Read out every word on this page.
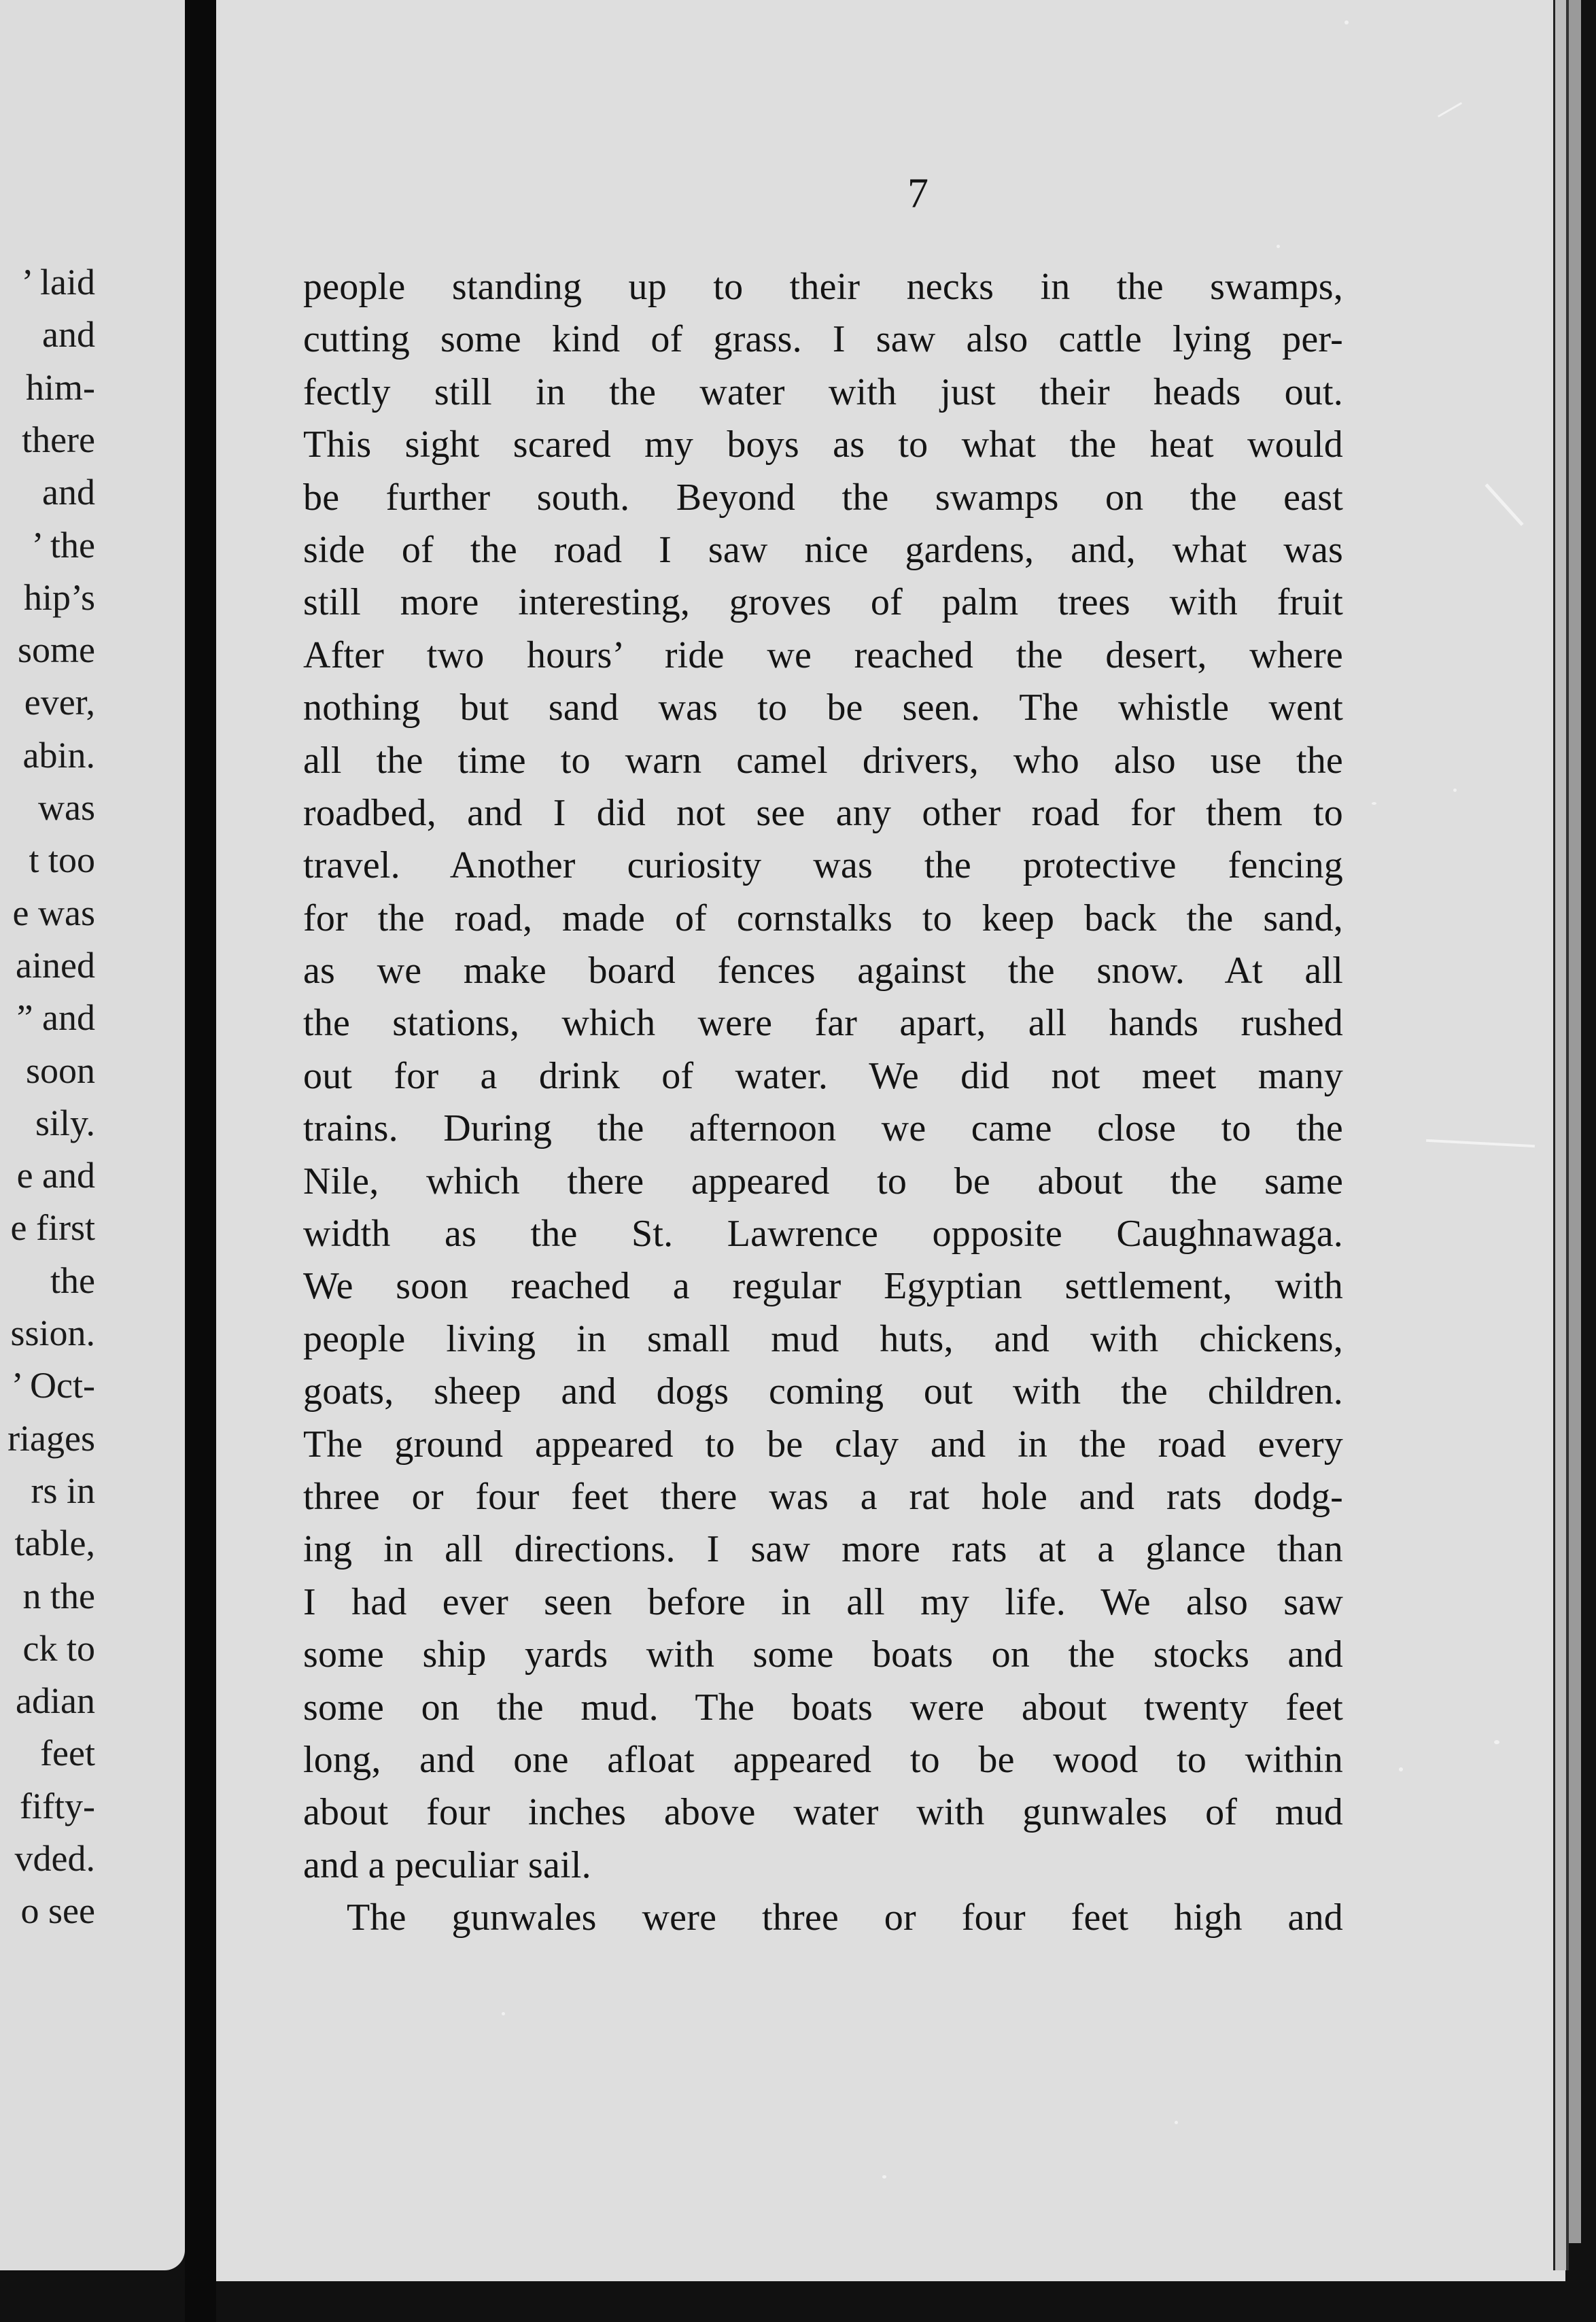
’ laid
and
him-
there
and
’ the
hip’s
some
ever,
abin.
was
t too
e was
ained
” and
soon
sily.
e and
e first
the
ssion.
’ Oct-
riages
rs in
table,
n the
ck to
adian
feet
fifty-
vded.
o see
7
people standing up to their necks in the swamps,
cutting some kind of grass. I saw also cattle lying per-
fectly still in the water with just their heads out.
This sight scared my boys as to what the heat would
be further south. Beyond the swamps on the east
side of the road I saw nice gardens, and, what was
still more interesting, groves of palm trees with fruit
After two hours’ ride we reached the desert, where
nothing but sand was to be seen. The whistle went
all the time to warn camel drivers, who also use the
roadbed, and I did not see any other road for them to
travel. Another curiosity was the protective fencing
for the road, made of cornstalks to keep back the sand,
as we make board fences against the snow. At all
the stations, which were far apart, all hands rushed
out for a drink of water. We did not meet many
trains. During the afternoon we came close to the
Nile, which there appeared to be about the same
width as the St. Lawrence opposite Caughnawaga.
We soon reached a regular Egyptian settlement, with
people living in small mud huts, and with chickens,
goats, sheep and dogs coming out with the children.
The ground appeared to be clay and in the road every
three or four feet there was a rat hole and rats dodg-
ing in all directions. I saw more rats at a glance than
I had ever seen before in all my life. We also saw
some ship yards with some boats on the stocks and
some on the mud. The boats were about twenty feet
long, and one afloat appeared to be wood to within
about four inches above water with gunwales of mud
and a peculiar sail.
The gunwales were three or four feet high and
